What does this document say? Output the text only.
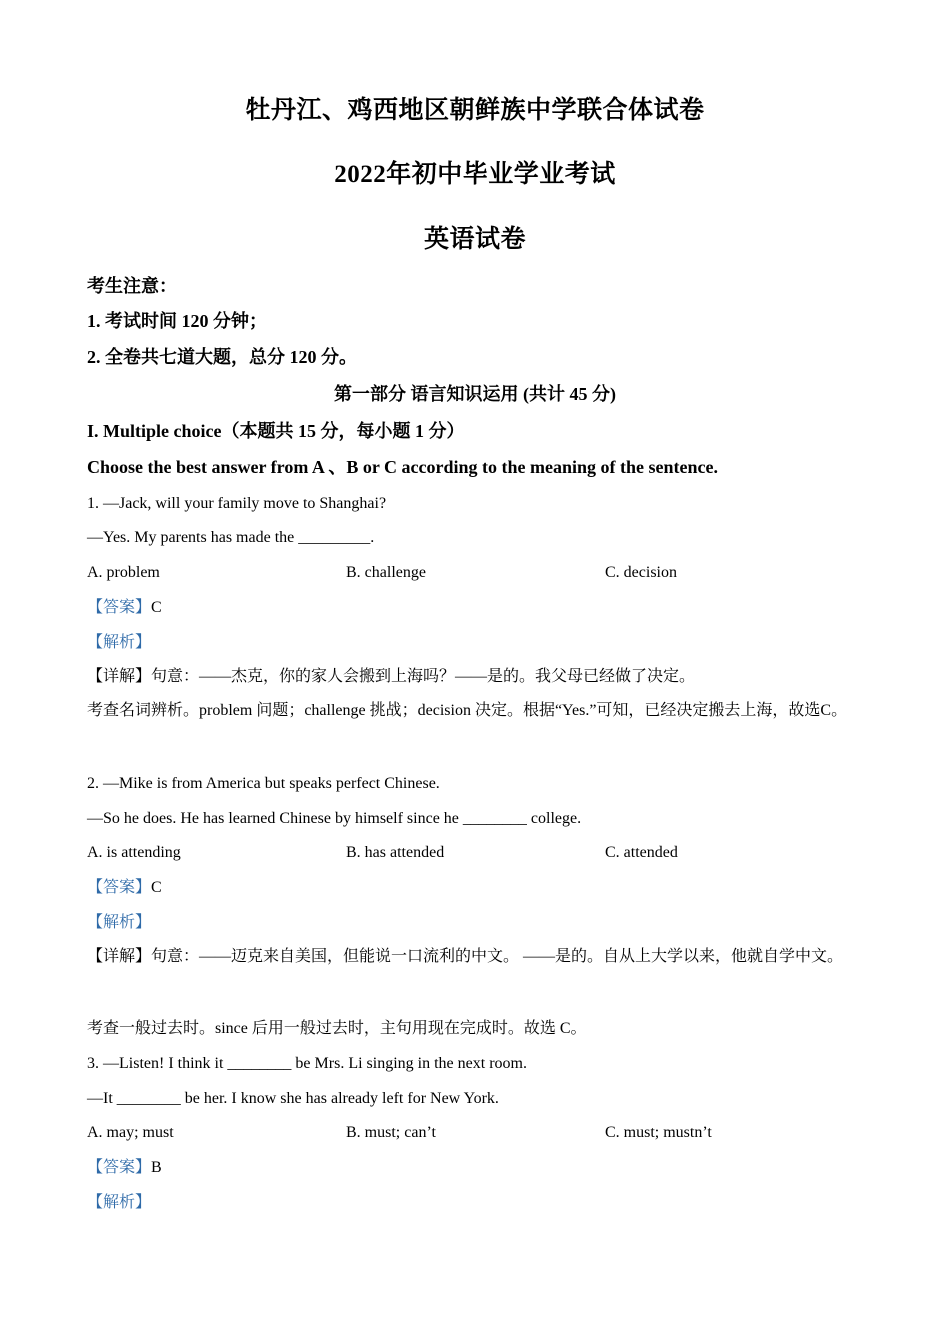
牡丹江、鸡西地区朝鲜族中学联合体试卷
2022年初中毕业学业考试
英语试卷
考生注意：
1. 考试时间 120 分钟；
2. 全卷共七道大题，总分 120 分。
第一部分 语言知识运用 (共计 45 分)
I. Multiple choice（本题共 15 分，每小题 1 分）
Choose the best answer from A 、B or C according to the meaning of the sentence.
1. —Jack, will your family move to Shanghai?
—Yes. My parents has made the _________.
A. problem	B. challenge	C. decision
【答案】C
【解析】
【详解】句意：——杰克，你的家人会搬到上海吗？——是的。我父母已经做了决定。
考查名词辨析。problem 问题；challenge 挑战；decision 决定。根据“Yes.”可知，已经决定搬去上海，故选C。
2. —Mike is from America but speaks perfect Chinese.
—So he does. He has learned Chinese by himself since he ________ college.
A. is attending	B. has attended	C. attended
【答案】C
【解析】
【详解】句意：——迈克来自美国，但能说一口流利的中文。 ——是的。自从上大学以来，他就自学中文。
考查一般过去时。since 后用一般过去时，主句用现在完成时。故选 C。
3. —Listen! I think it ________ be Mrs. Li singing in the next room.
—It ________ be her. I know she has already left for New York.
A. may; must	B. must; can’t	C. must; mustn’t
【答案】B
【解析】
